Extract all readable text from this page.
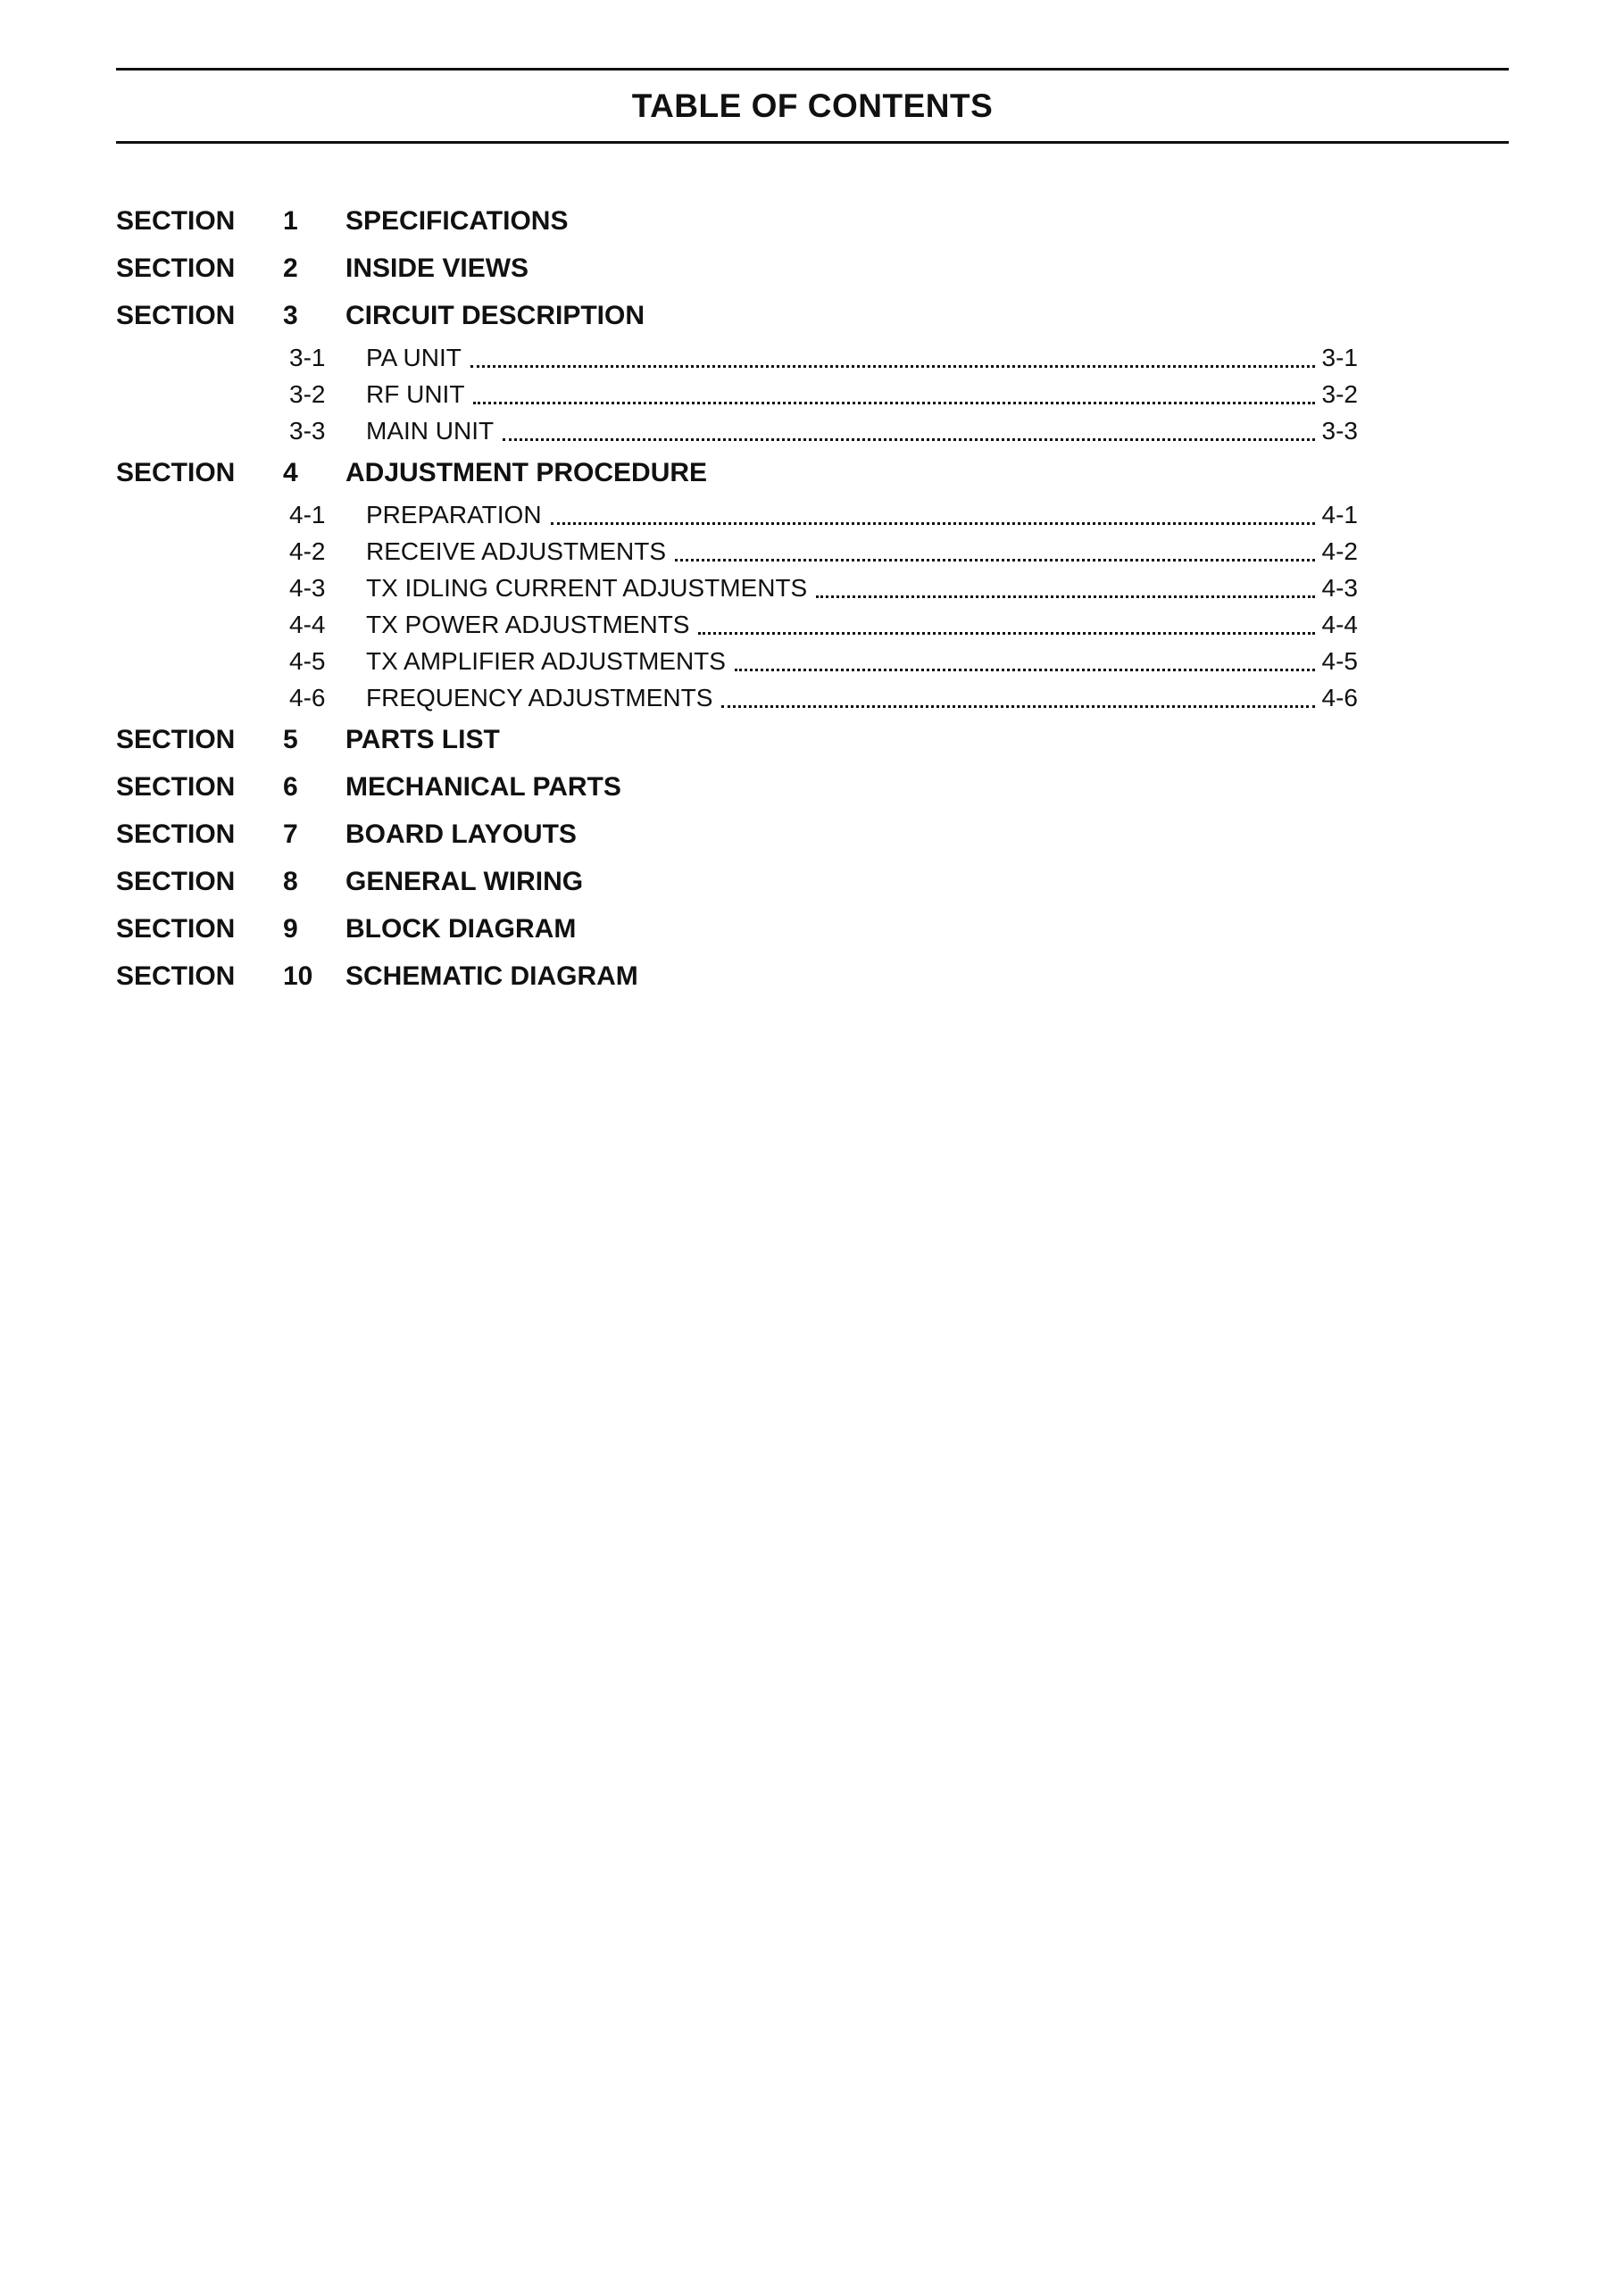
TABLE OF CONTENTS
SECTION	1	SPECIFICATIONS
SECTION	2	INSIDE VIEWS
SECTION	3	CIRCUIT DESCRIPTION
3-1	PA UNIT	3-1
3-2	RF UNIT	3-2
3-3	MAIN UNIT	3-3
SECTION	4	ADJUSTMENT PROCEDURE
4-1	PREPARATION	4-1
4-2	RECEIVE ADJUSTMENTS	4-2
4-3	TX IDLING CURRENT ADJUSTMENTS	4-3
4-4	TX POWER ADJUSTMENTS	4-4
4-5	TX AMPLIFIER ADJUSTMENTS	4-5
4-6	FREQUENCY ADJUSTMENTS	4-6
SECTION	5	PARTS LIST
SECTION	6	MECHANICAL PARTS
SECTION	7	BOARD LAYOUTS
SECTION	8	GENERAL WIRING
SECTION	9	BLOCK DIAGRAM
SECTION	10	SCHEMATIC DIAGRAM
